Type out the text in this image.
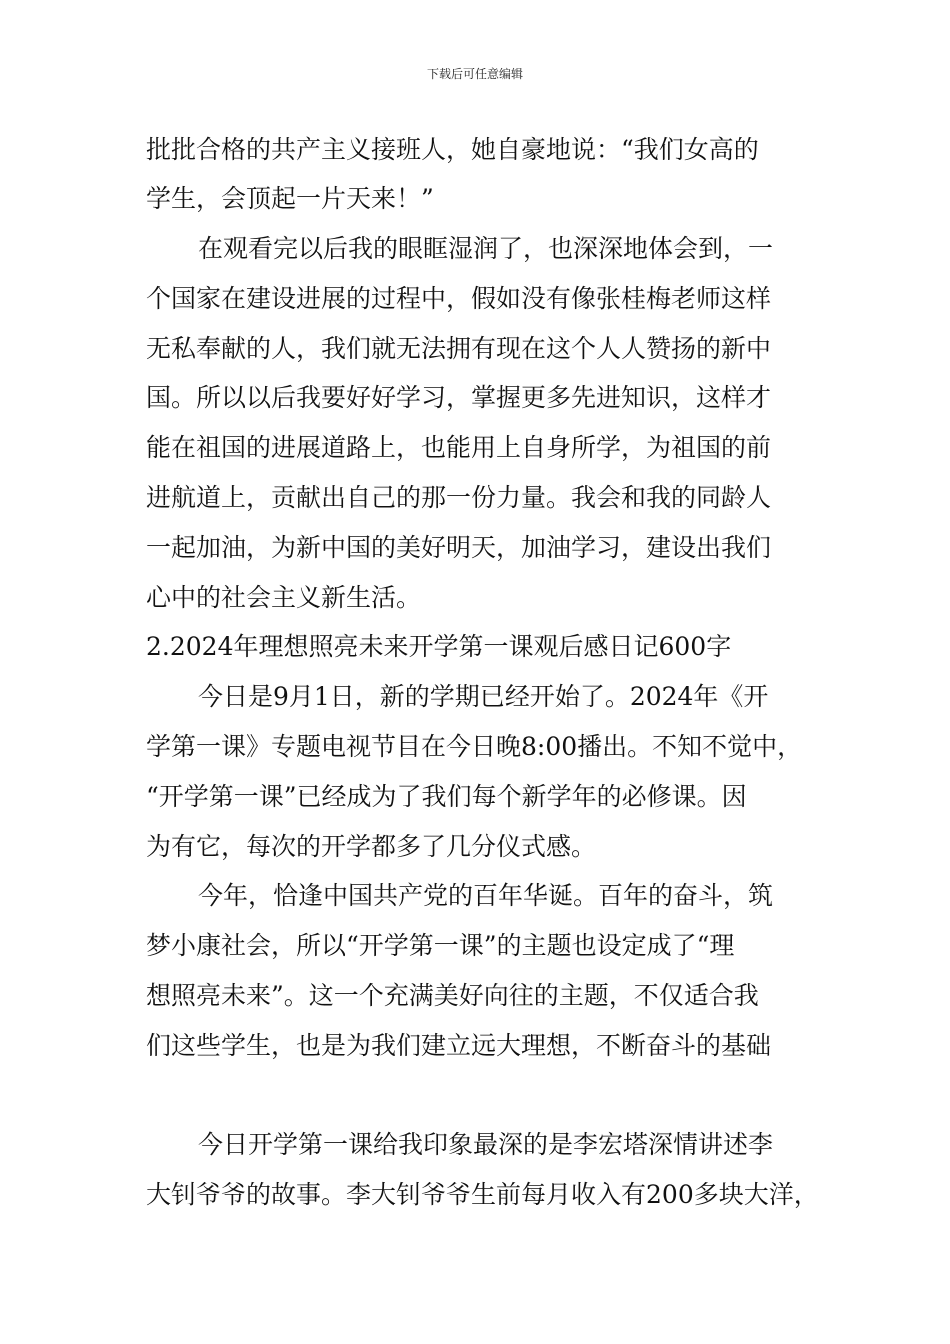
下载后可任意编辑
批批合格的共产主义接班人，她自豪地说：“我们女高的
学生，会顶起一片天来！”
在观看完以后我的眼眶湿润了，也深深地体会到，一
个国家在建设进展的过程中，假如没有像张桂梅老师这样
无私奉献的人，我们就无法拥有现在这个人人赞扬的新中
国。所以以后我要好好学习，掌握更多先进知识，这样才
能在祖国的进展道路上，也能用上自身所学，为祖国的前
进航道上，贡献出自己的那一份力量。我会和我的同龄人
一起加油，为新中国的美好明天，加油学习，建设出我们
心中的社会主义新生活。
2.2024年理想照亮未来开学第一课观后感日记600字
今日是9月1日，新的学期已经开始了。2024年《开
学第一课》专题电视节目在今日晚8:00播出。不知不觉中，
“开学第一课”已经成为了我们每个新学年的必修课。因
为有它，每次的开学都多了几分仪式感。
今年，恰逢中国共产党的百年华诞。百年的奋斗，筑
梦小康社会，所以“开学第一课”的主题也设定成了“理
想照亮未来”。这一个充满美好向往的主题，不仅适合我
们这些学生，也是为我们建立远大理想，不断奋斗的基础
今日开学第一课给我印象最深的是李宏塔深情讲述李
大钊爷爷的故事。李大钊爷爷生前每月收入有200多块大洋，
